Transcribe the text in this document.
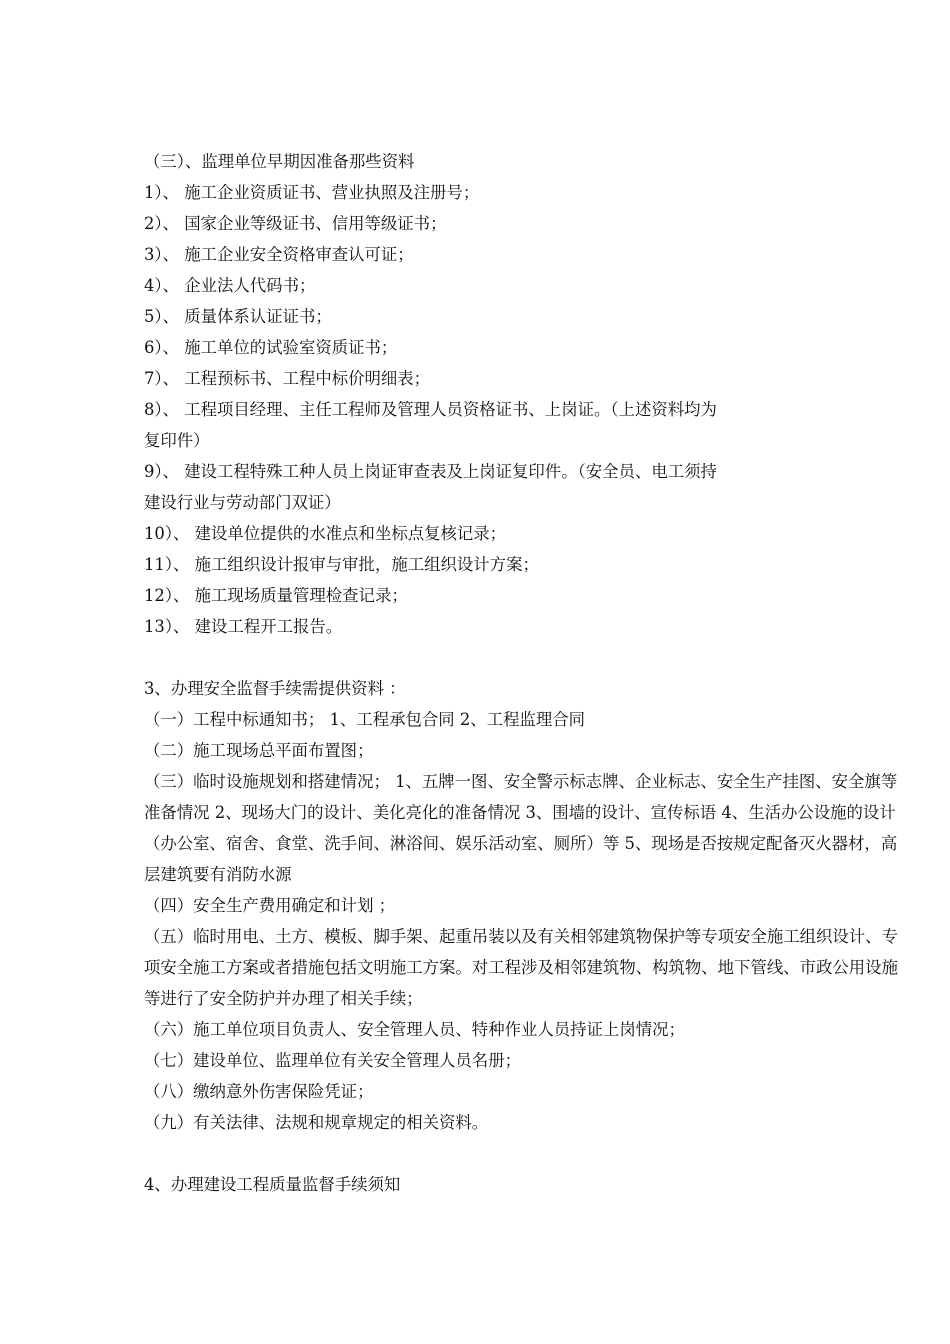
（三）、监理单位早期因准备那些资料
1）、 施工企业资质证书、营业执照及注册号；
2）、 国家企业等级证书、信用等级证书；
3）、 施工企业安全资格审查认可证；
4）、 企业法人代码书；
5）、 质量体系认证证书；
6）、 施工单位的试验室资质证书；
7）、 工程预标书、工程中标价明细表；
8）、 工程项目经理、主任工程师及管理人员资格证书、上岗证。（上述资料均为
复印件）
9）、 建设工程特殊工种人员上岗证审查表及上岗证复印件。（安全员、电工须持
建设行业与劳动部门双证）
10）、 建设单位提供的水准点和坐标点复核记录；
11）、 施工组织设计报审与审批，施工组织设计方案；
12）、 施工现场质量管理检查记录；
13）、 建设工程开工报告。
3、办理安全监督手续需提供资料 ：
（一）工程中标通知书； 1、工程承包合同 2、工程监理合同
（二）施工现场总平面布置图；
（三）临时设施规划和搭建情况； 1、五牌一图、安全警示标志牌、企业标志、安全生产挂图、安全旗等准备情况 2、现场大门的设计、美化亮化的准备情况 3、围墙的设计、宣传标语 4、生活办公设施的设计（办公室、宿舍、食堂、洗手间、淋浴间、娱乐活动室、厕所）等 5、现场是否按规定配备灭火器材，高层建筑要有消防水源
（四）安全生产费用确定和计划 ；
（五）临时用电、土方、模板、脚手架、起重吊装以及有关相邻建筑物保护等专项安全施工组织设计、专项安全施工方案或者措施包括文明施工方案。对工程涉及相邻建筑物、构筑物、地下管线、市政公用设施等进行了安全防护并办理了相关手续；
（六）施工单位项目负责人、安全管理人员、特种作业人员持证上岗情况；
（七）建设单位、监理单位有关安全管理人员名册；
（八）缴纳意外伤害保险凭证；
（九）有关法律、法规和规章规定的相关资料。
4、办理建设工程质量监督手续须知
